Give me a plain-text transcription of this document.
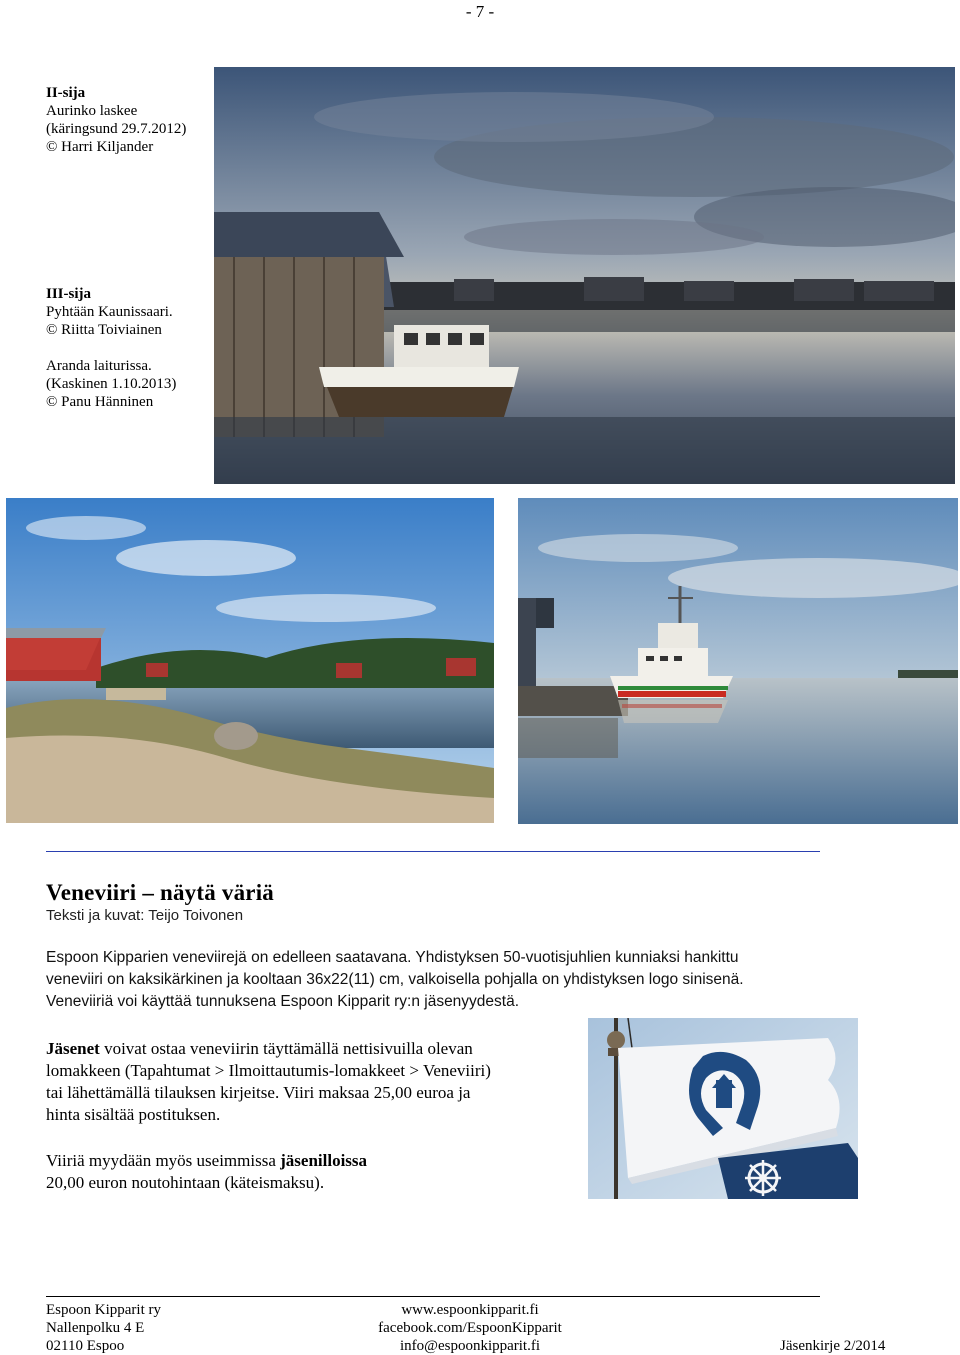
- 7 -
II-sija
Aurinko laskee
(käringsund 29.7.2012)
© Harri Kiljander
III-sija
Pyhtään Kaunissaari.
© Riitta Toiviainen
Aranda laiturissa.
(Kaskinen 1.10.2013)
© Panu Hänninen
Veneviiri – näytä väriä
Teksti ja kuvat: Teijo Toivonen
Espoon Kipparien veneviirejä on edelleen saatavana. Yhdistyksen 50-vuotisjuhlien kunniaksi hankittu
veneviiri on kaksikärkinen ja kooltaan 36x22(11) cm, valkoisella pohjalla on yhdistyksen logo sinisenä.
Veneviiriä voi käyttää tunnuksena Espoon Kipparit ry:n jäsenyydestä.
Jäsenet voivat ostaa veneviirin täyttämällä nettisivuilla olevan
lomakkeen (Tapahtumat > Ilmoittautumis-lomakkeet > Veneviiri)
tai lähettämällä tilauksen kirjeitse. Viiri maksaa 25,00 euroa ja
hinta sisältää postituksen.
Viiriä myydään myös useimmissa jäsenilloissa
20,00 euron noutohintaan (käteismaksu).
Espoon Kipparit ry
Nallenpolku 4 E
02110 Espoo
www.espoonkipparit.fi
facebook.com/EspoonKipparit
info@espoonkipparit.fi	Jäsenkirje 2/2014
